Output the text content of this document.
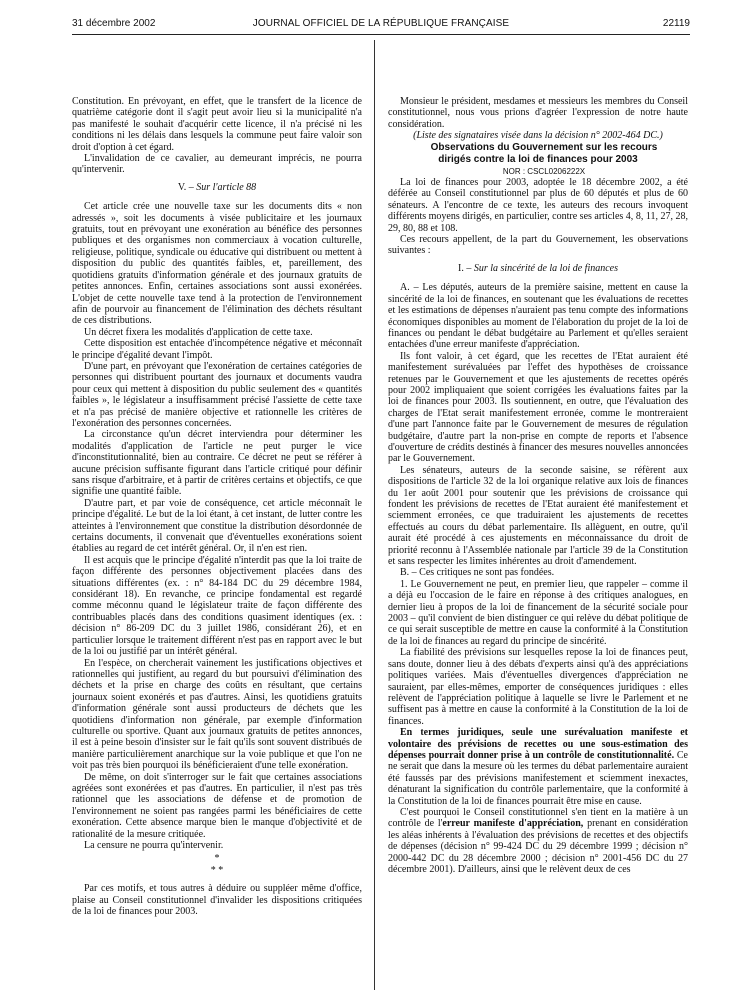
31 décembre 2002	JOURNAL OFFICIEL DE LA RÉPUBLIQUE FRANÇAISE	22119

Constitution. En prévoyant, en effet, que le transfert de la licence de quatrième catégorie dont il s'agit peut avoir lieu si la municipalité n'a pas manifesté le souhait d'acquérir cette licence, il n'a précisé ni les conditions ni les délais dans lesquels la commune peut faire valoir son droit d'option à cet égard.

L'invalidation de ce cavalier, au demeurant imprécis, ne pourra qu'intervenir.

V. – Sur l'article 88

Cet article crée une nouvelle taxe sur les documents dits « non adressés », soit les documents à visée publicitaire et les journaux gratuits, tout en prévoyant une exonération au bénéfice des personnes publiques et des organismes non commerciaux à vocation culturelle, religieuse, politique, syndicale ou éducative qui distribuent ou mettent à disposition du public des quantités faibles, et, pareillement, des quotidiens gratuits d'information générale et des journaux gratuits de petites annonces. Enfin, certaines associations sont aussi exonérées. L'objet de cette nouvelle taxe tend à la protection de l'environnement afin de pourvoir au financement de l'élimination des déchets résultant de ces distributions.

Un décret fixera les modalités d'application de cette taxe.

Cette disposition est entachée d'incompétence négative et méconnaît le principe d'égalité devant l'impôt.

D'une part, en prévoyant que l'exonération de certaines catégories de personnes qui distribuent pourtant des journaux et documents vaudra pour ceux qui mettent à disposition du public seulement des « quantités faibles », le législateur a insuffisamment précisé l'assiette de cette taxe et n'a pas précisé de manière objective et rationnelle les critères de l'exonération des personnes concernées.

La circonstance qu'un décret interviendra pour déterminer les modalités d'application de l'article ne peut purger le vice d'inconstitutionnalité, bien au contraire. Ce décret ne peut se référer à aucune précision suffisante figurant dans l'article critiqué pour définir sans risque d'arbitraire, et à partir de critères certains et objectifs, ce que signifie une quantité faible.

D'autre part, et par voie de conséquence, cet article méconnaît le principe d'égalité. Le but de la loi étant, à cet instant, de lutter contre les atteintes à l'environnement que constitue la distribution désordonnée de certains documents, il convenait que d'éventuelles exonérations soient établies au regard de cet intérêt général. Or, il n'en est rien.

Il est acquis que le principe d'égalité n'interdit pas que la loi traite de façon différente des personnes objectivement placées dans des situations différentes (ex. : n° 84-184 DC du 29 décembre 1984, considérant 18). En revanche, ce principe fondamental est regardé comme méconnu quand le législateur traite de façon différente des contribuables placés dans des conditions quasiment identiques (ex. : décision n° 86-209 DC du 3 juillet 1986, considérant 26), et en particulier lorsque le traitement différent n'est pas en rapport avec le but de la loi ou justifié par un intérêt général.

En l'espèce, on chercherait vainement les justifications objectives et rationnelles qui justifient, au regard du but poursuivi d'élimination des déchets et la prise en charge des coûts en résultant, que certains journaux soient exonérés et pas d'autres. Ainsi, les quotidiens gratuits d'information générale sont aussi producteurs de déchets que les quotidiens d'information non générale, par exemple d'information culturelle ou sportive. Quant aux journaux gratuits de petites annonces, il est à peine besoin d'insister sur le fait qu'ils sont souvent distribués de manière particulièrement anarchique sur la voie publique et que l'on ne voit pas très bien pourquoi ils bénéficieraient d'une telle exonération.

De même, on doit s'interroger sur le fait que certaines associations agréées sont exonérées et pas d'autres. En particulier, il n'est pas très rationnel que les associations de défense et de promotion de l'environnement ne soient pas rangées parmi les bénéficiaires de cette exonération. Cette absence marque bien le manque d'objectivité et de rationalité de la mesure critiquée.

La censure ne pourra qu'intervenir.

*

* *

Par ces motifs, et tous autres à déduire ou suppléer même d'office, plaise au Conseil constitutionnel d'invalider les dispositions critiquées de la loi de finances pour 2003.

Monsieur le président, mesdames et messieurs les membres du Conseil constitutionnel, nous vous prions d'agréer l'expression de notre haute considération.

(Liste des signataires visée dans la décision n° 2002-464 DC.)

Observations du Gouvernement sur les recours
dirigés contre la loi de finances pour 2003

NOR : CSCL0206222X

La loi de finances pour 2003, adoptée le 18 décembre 2002, a été déférée au Conseil constitutionnel par plus de 60 députés et plus de 60 sénateurs. A l'encontre de ce texte, les auteurs des recours invoquent différents moyens dirigés, en particulier, contre ses articles 4, 8, 11, 27, 28, 29, 80, 88 et 108.

Ces recours appellent, de la part du Gouvernement, les observations suivantes :

I. – Sur la sincérité de la loi de finances

A. – Les députés, auteurs de la première saisine, mettent en cause la sincérité de la loi de finances, en soutenant que les évaluations de recettes et les estimations de dépenses n'auraient pas tenu compte des informations économiques disponibles au moment de l'élaboration du projet de la loi de finances ou pendant le débat budgétaire au Parlement et qu'elles seraient entachées d'une erreur manifeste d'appréciation.

Ils font valoir, à cet égard, que les recettes de l'Etat auraient été manifestement surévaluées par l'effet des hypothèses de croissance retenues par le Gouvernement et que les ajustements de recettes opérés pour 2002 impliquaient que soient corrigées les évaluations faites par la loi de finances pour 2003. Ils soutiennent, en outre, que l'évaluation des charges de l'Etat serait manifestement erronée, comme le montreraient d'une part l'annonce faite par le Gouvernement de mesures de régulation budgétaire, d'autre part la non-prise en compte de reports et l'absence d'ouverture de crédits destinés à financer des mesures nouvelles annoncées par le Gouvernement.

Les sénateurs, auteurs de la seconde saisine, se réfèrent aux dispositions de l'article 32 de la loi organique relative aux lois de finances du 1er août 2001 pour soutenir que les prévisions de croissance qui fondent les prévisions de recettes de l'Etat auraient été manifestement et sciemment erronées, ce que traduiraient les ajustements de recettes effectués au cours du débat parlementaire. Ils allèguent, en outre, qu'il aurait été procédé à ces ajustements en méconnaissance du droit de priorité reconnu à l'Assemblée nationale par l'article 39 de la Constitution et sans respecter les limites inhérentes au droit d'amendement.

B. – Ces critiques ne sont pas fondées.

1. Le Gouvernement ne peut, en premier lieu, que rappeler – comme il a déjà eu l'occasion de le faire en réponse à des critiques analogues, en dernier lieu à propos de la loi de financement de la sécurité sociale pour 2003 – qu'il convient de bien distinguer ce qui relève du débat politique de ce qui serait susceptible de mettre en cause la conformité à la Constitution de la loi de finances au regard du principe de sincérité.

La fiabilité des prévisions sur lesquelles repose la loi de finances peut, sans doute, donner lieu à des débats d'experts ainsi qu'à des appréciations politiques variées. Mais d'éventuelles divergences d'appréciation ne sauraient, par elles-mêmes, emporter de conséquences juridiques : elles relèvent de l'appréciation politique à laquelle se livre le Parlement et ne suffisent pas à mettre en cause la conformité à la Constitution de la loi de finances.

En termes juridiques, seule une surévaluation manifeste et volontaire des prévisions de recettes ou une sous-estimation des dépenses pourrait donner prise à un contrôle de constitutionnalité. Ce ne serait que dans la mesure où les termes du débat parlementaire auraient été faussés par des prévisions manifestement et sciemment inexactes, dénaturant la signification du contrôle parlementaire, que la conformité à la Constitution de la loi de finances pourrait être mise en cause.

C'est pourquoi le Conseil constitutionnel s'en tient en la matière à un contrôle de l'erreur manifeste d'appréciation, prenant en considération les aléas inhérents à l'évaluation des prévisions de recettes et des objectifs de dépenses (décision n° 99-424 DC du 29 décembre 1999 ; décision n° 2000-442 DC du 28 décembre 2000 ; décision n° 2001-456 DC du 27 décembre 2001). D'ailleurs, ainsi que le relèvent deux de ces
